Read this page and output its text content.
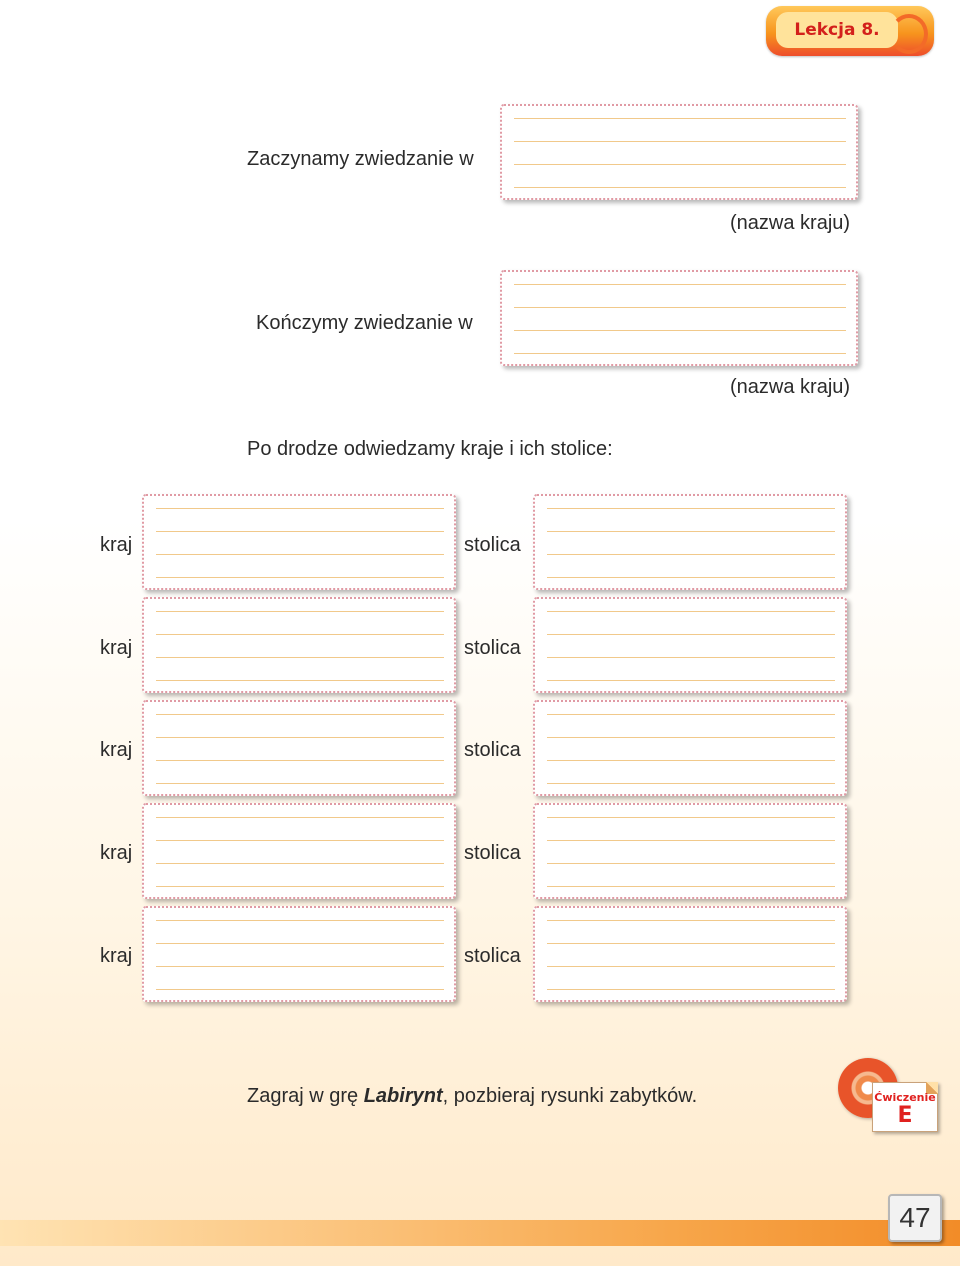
Lekcja 8.
Zaczynamy zwiedzanie w
(nazwa kraju)
Kończymy zwiedzanie w
(nazwa kraju)
Po drodze odwiedzamy kraje i ich stolice:
kraj	stolica
kraj	stolica
kraj	stolica
kraj	stolica
kraj	stolica
Zagraj w grę Labirynt, pozbieraj rysunki zabytków.	Ćwiczenie
E
47
